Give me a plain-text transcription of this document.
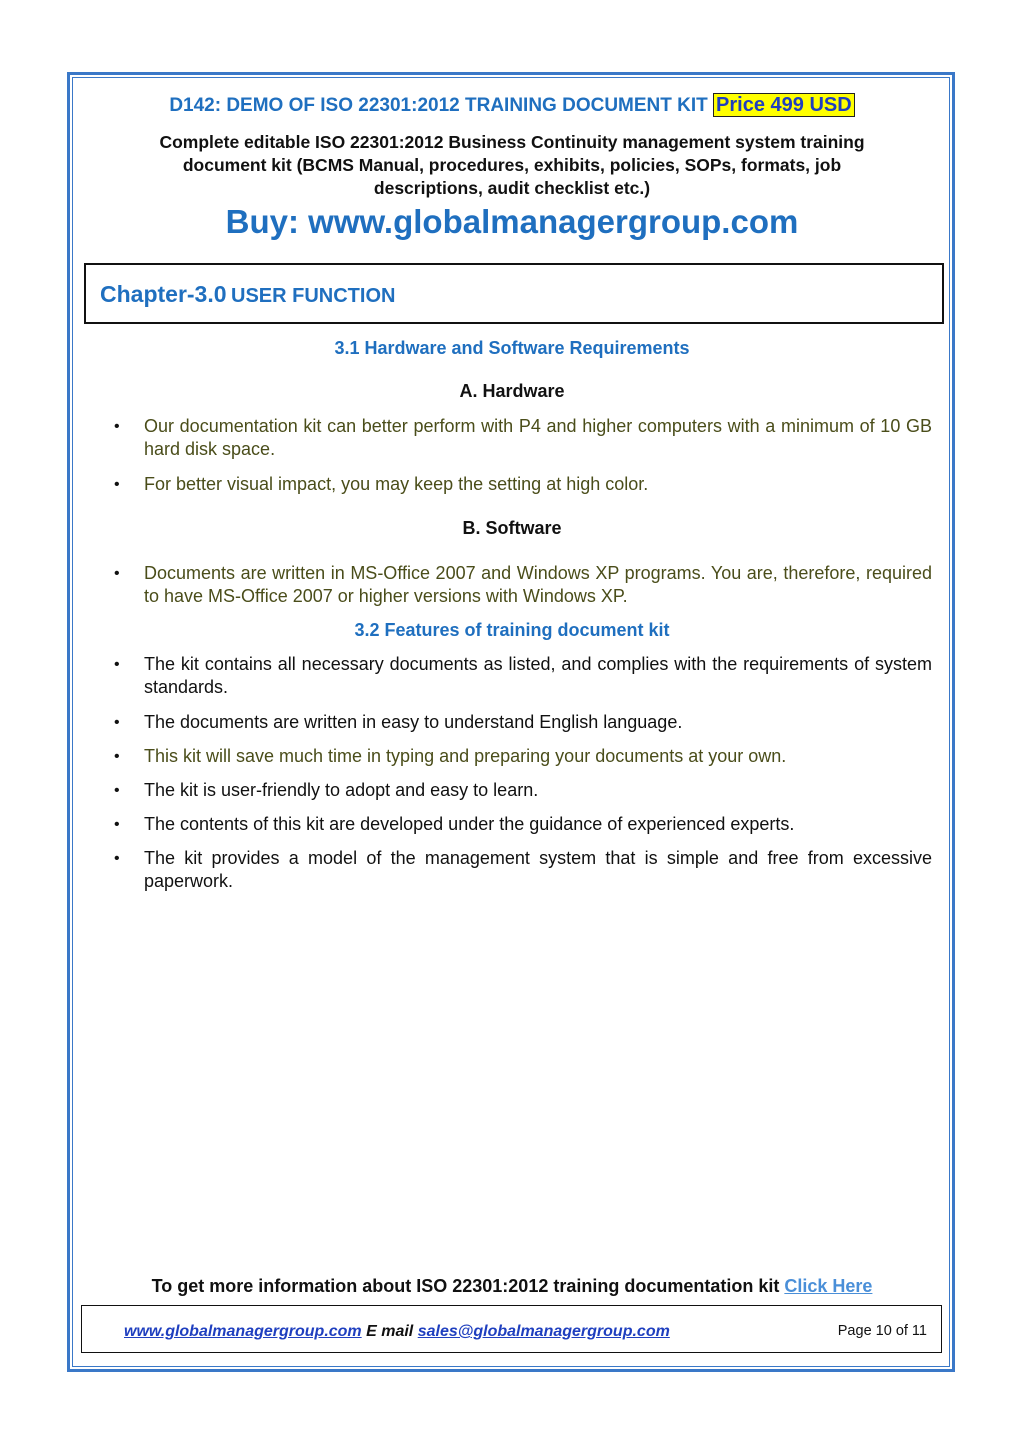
D142: DEMO OF ISO 22301:2012 TRAINING DOCUMENT KIT Price 499 USD
Complete editable ISO 22301:2012 Business Continuity management system training
document kit (BCMS Manual, procedures, exhibits, policies, SOPs, formats, job
descriptions, audit checklist etc.)
Buy: www.globalmanagergroup.com
Chapter-3.0 USER FUNCTION
3.1 Hardware and Software Requirements
A. Hardware
• Our documentation kit can better perform with P4 and higher computers with a minimum of 10 GB hard disk space.
• For better visual impact, you may keep the setting at high color.
B. Software
• Documents are written in MS-Office 2007 and Windows XP programs. You are, therefore, required to have MS-Office 2007 or higher versions with Windows XP.
3.2 Features of training document kit
• The kit contains all necessary documents as listed, and complies with the requirements of system standards.
• The documents are written in easy to understand English language.
• This kit will save much time in typing and preparing your documents at your own.
• The kit is user-friendly to adopt and easy to learn.
• The contents of this kit are developed under the guidance of experienced experts.
• The kit provides a model of the management system that is simple and free from excessive paperwork.
To get more information about ISO 22301:2012 training documentation kit Click Here
www.globalmanagergroup.com E mail sales@globalmanagergroup.com	Page 10 of 11
